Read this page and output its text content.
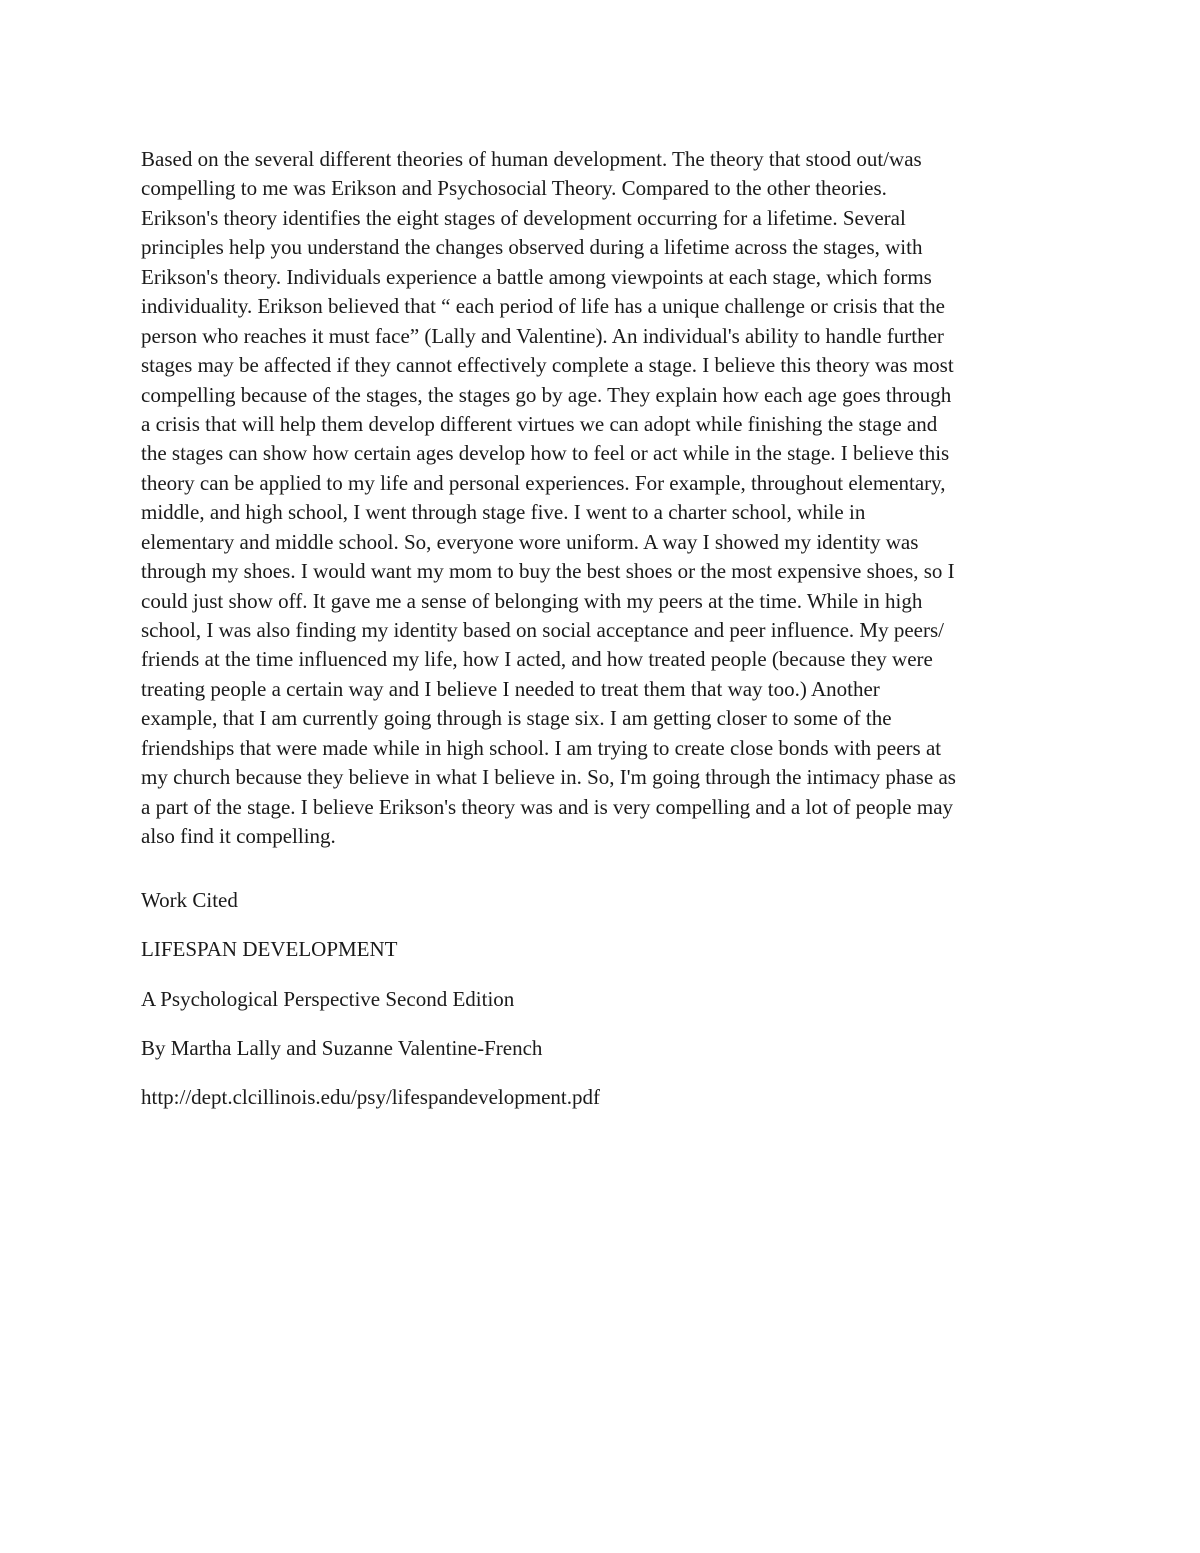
Based on the several different theories of human development. The theory that stood out/was
compelling to me was Erikson and Psychosocial Theory. Compared to the other theories.
Erikson's theory identifies the eight stages of development occurring for a lifetime. Several
principles help you understand the changes observed during a lifetime across the stages, with
Erikson's theory. Individuals experience a battle among viewpoints at each stage, which forms
individuality. Erikson believed that “ each period of life has a unique challenge or crisis that the
person who reaches it must face” (Lally and Valentine). An individual's ability to handle further
stages may be affected if they cannot effectively complete a stage. I believe this theory was most
compelling because of the stages, the stages go by age. They explain how each age goes through
a crisis that will help them develop different virtues we can adopt while finishing the stage and
the stages can show how certain ages develop how to feel or act while in the stage. I believe this
theory can be applied to my life and personal experiences. For example, throughout elementary,
middle, and high school, I went through stage five. I went to a charter school, while in
elementary and middle school. So, everyone wore uniform. A way I showed my identity was
through my shoes. I would want my mom to buy the best shoes or the most expensive shoes, so I
could just show off. It gave me a sense of belonging with my peers at the time. While in high
school, I was also finding my identity based on social acceptance and peer influence. My peers/
friends at the time influenced my life, how I acted, and how treated people (because they were
treating people a certain way and I believe I needed to treat them that way too.) Another
example, that I am currently going through is stage six. I am getting closer to some of the
friendships that were made while in high school. I am trying to create close bonds with peers at
my church because they believe in what I believe in. So, I'm going through the intimacy phase as
a part of the stage. I believe Erikson's theory was and is very compelling and a lot of people may
also find it compelling.

Work Cited

LIFESPAN DEVELOPMENT

A Psychological Perspective Second Edition

By Martha Lally and Suzanne Valentine-French

http://dept.clcillinois.edu/psy/lifespandevelopment.pdf
